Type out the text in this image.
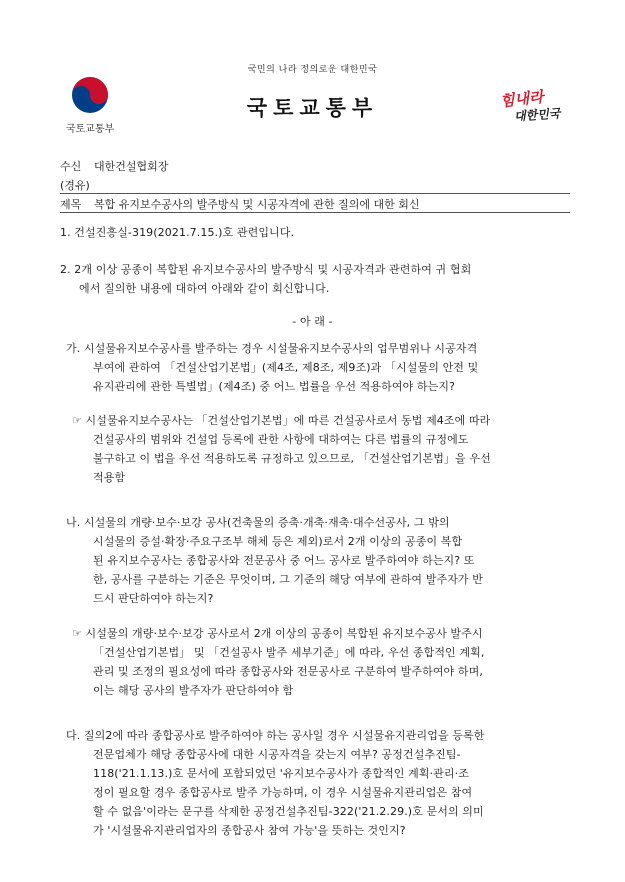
국민의 나라 정의로운 대한민국
국토교통부
국토교통부	힘내라
대한민국
수신 대한건설협회장
(경유)
제목 복합 유지보수공사의 발주방식 및 시공자격에 관한 질의에 대한 회신
1. 건설진흥실-319(2021.7.15.)호 관련입니다.
2. 2개 이상 공종이 복합된 유지보수공사의 발주방식 및 시공자격과 관련하여 귀 협회
에서 질의한 내용에 대하여 아래와 같이 회신합니다.
- 아 래 -
가. 시설물유지보수공사를 발주하는 경우 시설물유지보수공사의 업무범위나 시공자격
부여에 관하여 「건설산업기본법」(제4조, 제8조, 제9조)과 「시설물의 안전 및
유지관리에 관한 특별법」(제4조) 중 어느 법률을 우선 적용하여야 하는지?
☞ 시설물유지보수공사는 「건설산업기본법」에 따른 건설공사로서 동법 제4조에 따라
건설공사의 범위와 건설업 등록에 관한 사항에 대하여는 다른 법률의 규정에도
불구하고 이 법을 우선 적용하도록 규정하고 있으므로, 「건설산업기본법」을 우선
적용함
나. 시설물의 개량·보수·보강 공사(건축물의 증축·개축·재축·대수선공사, 그 밖의
시설물의 증설·확장·주요구조부 해체 등은 제외)로서 2개 이상의 공종이 복합
된 유지보수공사는 종합공사와 전문공사 중 어느 공사로 발주하여야 하는지? 또
한, 공사를 구분하는 기준은 무엇이며, 그 기준의 해당 여부에 관하여 발주자가 반
드시 판단하여야 하는지?
☞ 시설물의 개량·보수·보강 공사로서 2개 이상의 공종이 복합된 유지보수공사 발주시
「건설산업기본법」 및 「건설공사 발주 세부기준」에 따라, 우선 종합적인 계획,
관리 및 조정의 필요성에 따라 종합공사와 전문공사로 구분하여 발주하여야 하며,
이는 해당 공사의 발주자가 판단하여야 함
다. 질의2에 따라 종합공사로 발주하여야 하는 공사일 경우 시설물유지관리업을 등록한
전문업체가 해당 종합공사에 대한 시공자격을 갖는지 여부? 공정건설추진팀-
118('21.1.13.)호 문서에 포함되었던 '유지보수공사가 종합적인 계획·관리·조
정이 필요할 경우 종합공사로 발주 가능하며, 이 경우 시설물유지관리업은 참여
할 수 없음'이라는 문구를 삭제한 공정건설추진팀-322('21.2.29.)호 문서의 의미
가 '시설물유지관리업자의 종합공사 참여 가능'을 뜻하는 것인지?
